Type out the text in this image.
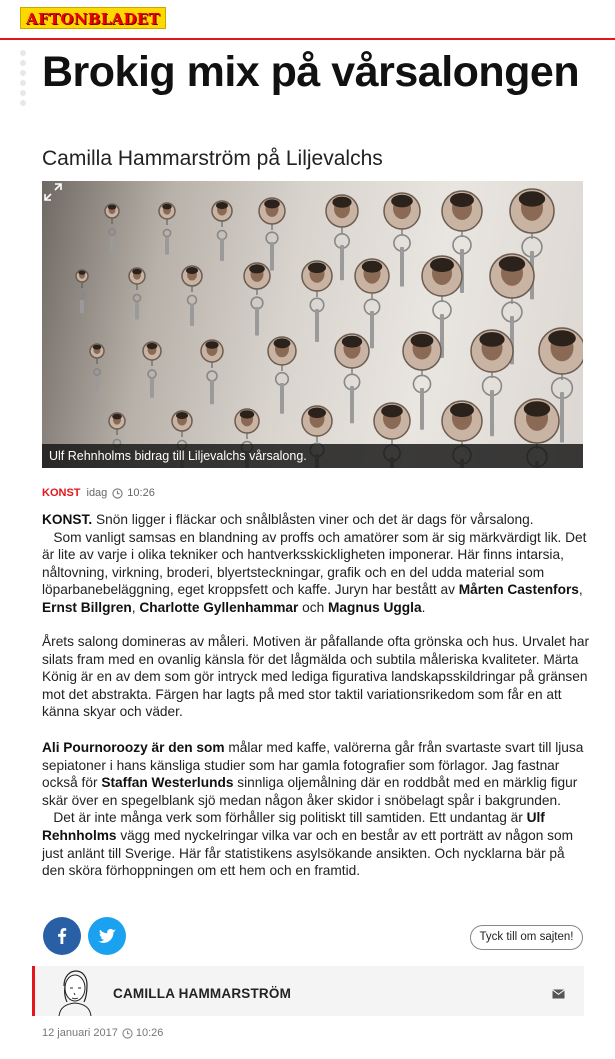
AFTONBLADET
Brokig mix på vårsalongen
Camilla Hammarström på Liljevalchs
Ulf Rehnholms bidrag till Liljevalchs vårsalong.
KONST idag 10:26
KONST. Snön ligger i fläckar och snålblåsten viner och det är dags för vårsalong.
Som vanligt samsas en blandning av proffs och amatörer som är sig märkvärdigt lik. Det är lite av varje i olika tekniker och hantverksskickligheten imponerar. Här finns intarsia, nåltovning, virkning, broderi, blyertsteckningar, grafik och en del udda material som löparbanebeläggning, eget kroppsfett och kaffe. Juryn har bestått av Mårten Castenfors, Ernst Billgren, Charlotte Gyllenhammar och Magnus Uggla.
Årets salong domineras av måleri. Motiven är påfallande ofta grönska och hus. Urvalet har silats fram med en ovanlig känsla för det lågmälda och subtila måleriska kvaliteter. Märta König är en av dem som gör intryck med lediga figurativa landskapsskildringar på gränsen mot det abstrakta. Färgen har lagts på med stor taktil variationsrikedom som får en att känna skyar och väder.
Ali Pournoroozy är den som målar med kaffe, valörerna går från svartaste svart till ljusa sepiatoner i hans känsliga studier som har gamla fotografier som förlagor. Jag fastnar också för Staffan Westerlunds sinnliga oljemålning där en roddbåt med en märklig figur skär över en spegelblank sjö medan någon åker skidor i snöbelagt spår i bakgrunden.
Det är inte många verk som förhåller sig politiskt till samtiden. Ett undantag är Ulf Rehnholms vägg med nyckelringar vilka var och en består av ett porträtt av någon som just anlänt till Sverige. Här får statistikens asylsökande ansikten. Och nycklarna bär på den sköra förhoppningen om ett hem och en framtid.
Tyck till om sajten!
CAMILLA HAMMARSTRÖM
12 januari 2017 10:26
